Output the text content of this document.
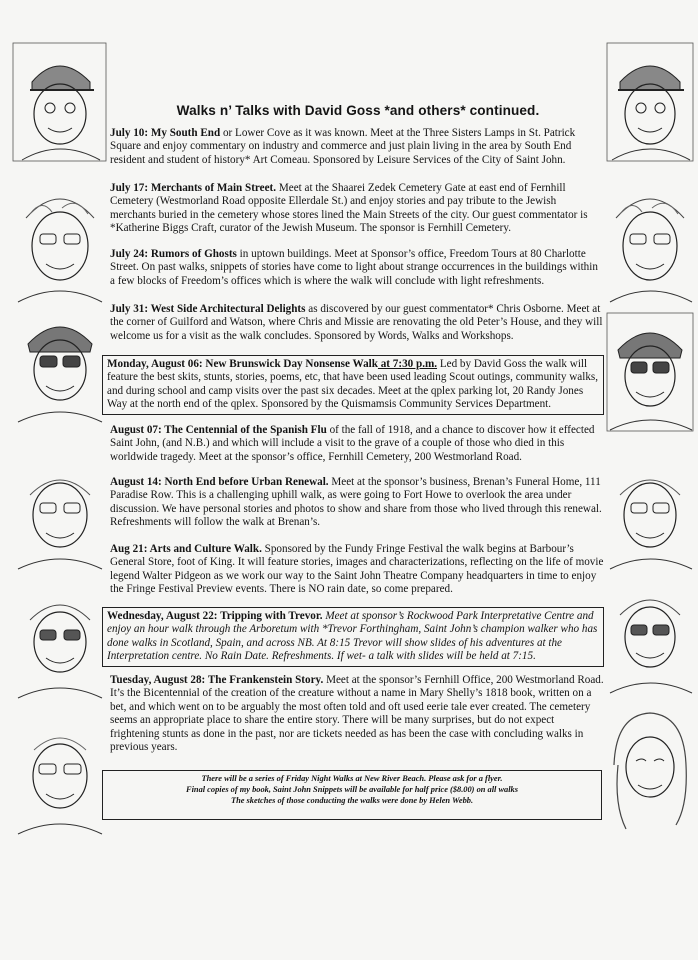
Walks n’ Talks with David Goss *and others* continued.
July 10: My South End or Lower Cove as it was known. Meet at the Three Sisters Lamps in St. Patrick Square and enjoy commentary on industry and commerce and just plain living in the area by South End resident and student of history* Art Comeau. Sponsored by Leisure Services of the City of Saint John.
July 17: Merchants of Main Street. Meet at the Shaarei Zedek Cemetery Gate at east end of Fernhill Cemetery (Westmorland Road opposite Ellerdale St.) and enjoy stories and pay tribute to the Jewish merchants buried in the cemetery whose stores lined the Main Streets of the city. Our guest commentator is *Katherine Biggs Craft, curator of the Jewish Museum. The sponsor is Fernhill Cemetery.
July 24: Rumors of Ghosts in uptown buildings. Meet at Sponsor’s office, Freedom Tours at 80 Charlotte Street. On past walks, snippets of stories have come to light about strange occurrences in the buildings within a few blocks of Freedom’s offices which is where the walk will conclude with light refreshments.
July 31: West Side Architectural Delights as discovered by our guest commentator* Chris Osborne. Meet at the corner of Guilford and Watson, where Chris and Missie are renovating the old Peter’s House, and they will welcome us for a visit as the walk concludes. Sponsored by Words, Walks and Workshops.
Monday, August 06: New Brunswick Day Nonsense Walk at 7:30 p.m. Led by David Goss the walk will feature the best skits, stunts, stories, poems, etc, that have been used leading Scout outings, community walks, and during school and camp visits over the past six decades. Meet at the qplex parking lot, 20 Randy Jones Way at the north end of the qplex. Sponsored by the Quismamsis Community Services Department.
August 07: The Centennial of the Spanish Flu of the fall of 1918, and a chance to discover how it effected Saint John, (and N.B.) and which will include a visit to the grave of a couple of those who died in this worldwide tragedy. Meet at the sponsor’s office, Fernhill Cemetery, 200 Westmorland Road.
August 14: North End before Urban Renewal. Meet at the sponsor’s business, Brenan’s Funeral Home, 111 Paradise Row. This is a challenging uphill walk, as were going to Fort Howe to overlook the area under discussion. We have personal stories and photos to show and share from those who lived through this renewal. Refreshments will follow the walk at Brenan’s.
Aug 21: Arts and Culture Walk. Sponsored by the Fundy Fringe Festival the walk begins at Barbour’s General Store, foot of King. It will feature stories, images and characterizations, reflecting on the life of movie legend Walter Pidgeon as we work our way to the Saint John Theatre Company headquarters in time to enjoy the Fringe Festival Preview events. There is NO rain date, so come prepared.
Wednesday, August 22: Tripping with Trevor. Meet at sponsor’s Rockwood Park Interpretative Centre and enjoy an hour walk through the Arboretum with *Trevor Forthingham, Saint John’s champion walker who has done walks in Scotland, Spain, and across NB. At 8:15 Trevor will show slides of his adventures at the Interpretation centre. No Rain Date. Refreshments. If wet- a talk with slides will be held at 7:15.
Tuesday, August 28: The Frankenstein Story. Meet at the sponsor’s Fernhill Office, 200 Westmorland Road. It’s the Bicentennial of the creation of the creature without a name in Mary Shelly’s 1818 book, written on a bet, and which went on to be arguably the most often told and oft used eerie tale ever created. The cemetery seems an appropriate place to share the entire story. There will be many surprises, but do not expect frightening stunts as done in the past, nor are tickets needed as has been the case with concluding walks in previous years.
There will be a series of Friday Night Walks at New River Beach. Please ask for a flyer.
Final copies of my book, Saint John Snippets will be available for half price ($8.00) on all walks
The sketches of those conducting the walks were done by Helen Webb.
